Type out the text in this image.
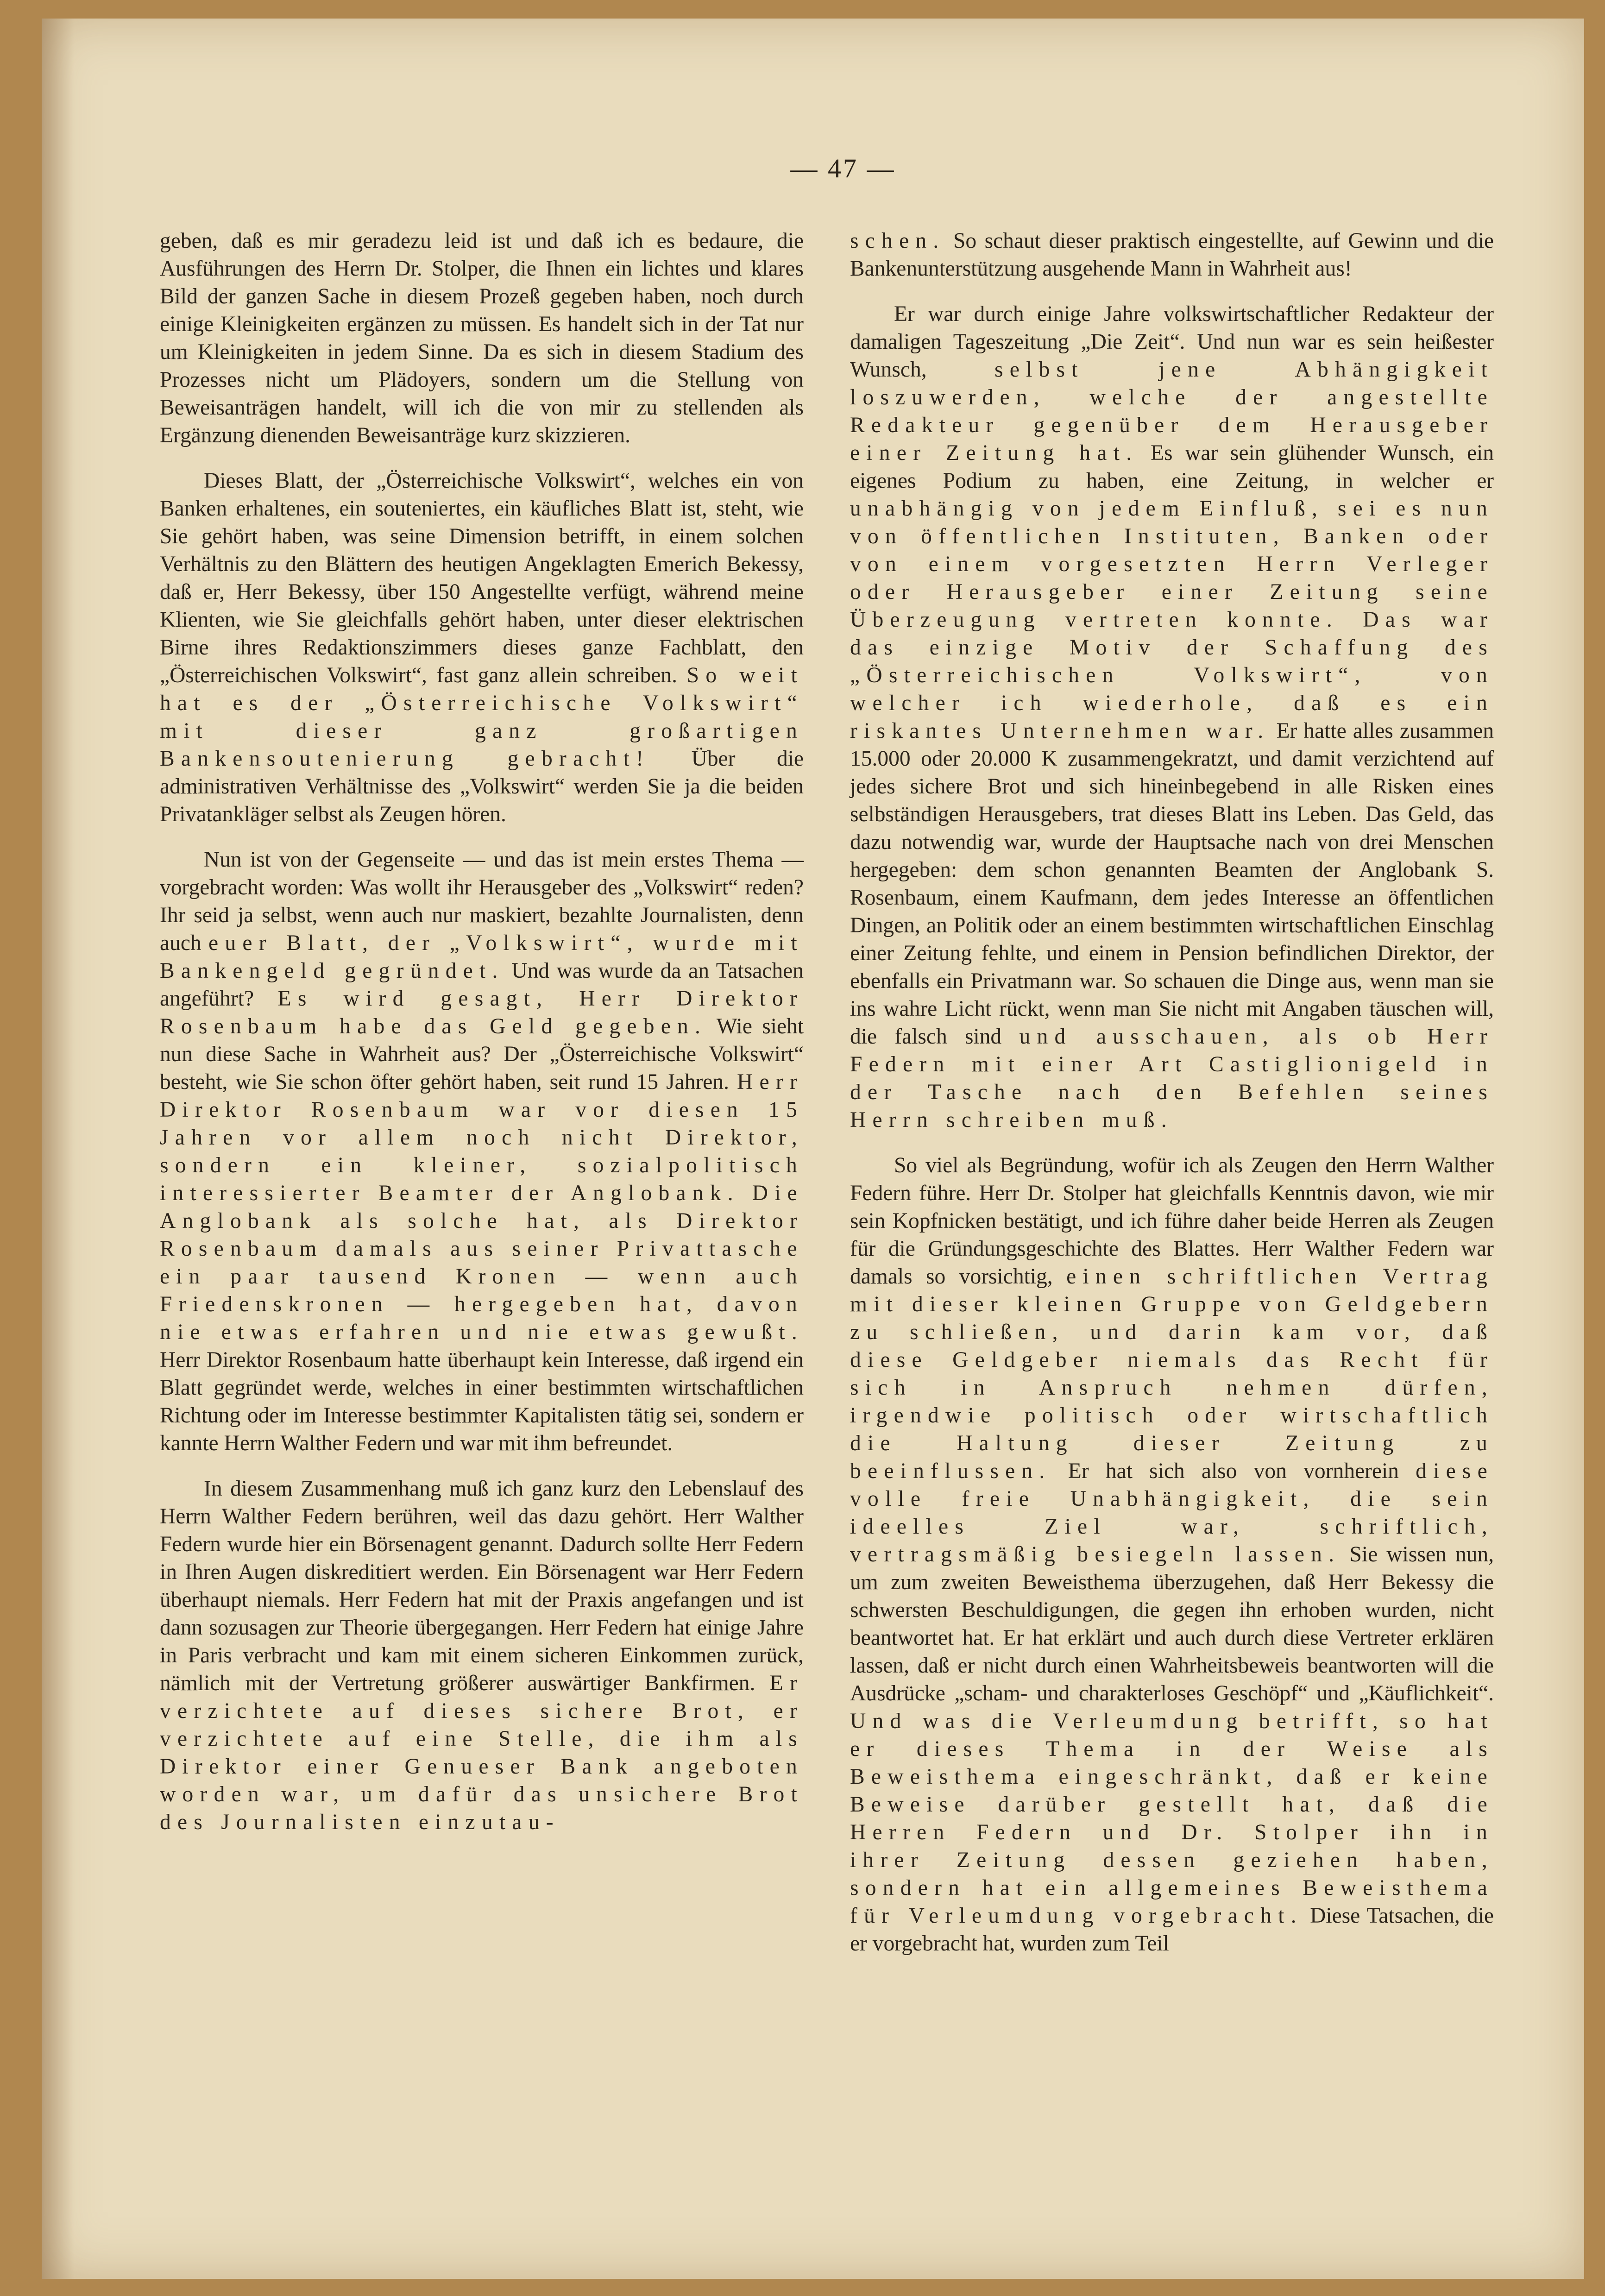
— 47 —

geben, daß es mir geradezu leid ist und daß ich es bedaure, die Ausführungen des Herrn Dr. Stolper, die Ihnen ein lichtes und klares Bild der ganzen Sache in diesem Prozeß gegeben haben, noch durch einige Kleinigkeiten ergänzen zu müssen. Es handelt sich in der Tat nur um Kleinigkeiten in jedem Sinne. Da es sich in diesem Stadium des Prozesses nicht um Plädoyers, sondern um die Stellung von Beweisanträgen handelt, will ich die von mir zu stellenden als Ergänzung dienenden Beweisanträge kurz skizzieren.

Dieses Blatt, der „Österreichische Volkswirt“, welches ein von Banken erhaltenes, ein souteniertes, ein käufliches Blatt ist, steht, wie Sie gehört haben, was seine Dimension betrifft, in einem solchen Verhältnis zu den Blättern des heutigen Angeklagten Emerich Bekessy, daß er, Herr Bekessy, über 150 Angestellte verfügt, während meine Klienten, wie Sie gleichfalls gehört haben, unter dieser elektrischen Birne ihres Redaktionszimmers dieses ganze Fachblatt, den „Österreichischen Volkswirt“, fast ganz allein schreiben. So weit hat es der „Österreichische Volkswirt“ mit dieser ganz großartigen Bankensoutenierung gebracht! Über die administrativen Verhältnisse des „Volkswirt“ werden Sie ja die beiden Privatankläger selbst als Zeugen hören.

Nun ist von der Gegenseite — und das ist mein erstes Thema — vorgebracht worden: Was wollt ihr Herausgeber des „Volkswirt“ reden? Ihr seid ja selbst, wenn auch nur maskiert, bezahlte Journalisten, denn auch euer Blatt, der „Volkswirt“, wurde mit Bankengeld gegründet. Und was wurde da an Tatsachen angeführt? Es wird gesagt, Herr Direktor Rosenbaum habe das Geld gegeben. Wie sieht nun diese Sache in Wahrheit aus? Der „Österreichische Volkswirt“ besteht, wie Sie schon öfter gehört haben, seit rund 15 Jahren. Herr Direktor Rosenbaum war vor diesen 15 Jahren vor allem noch nicht Direktor, sondern ein kleiner, sozialpolitisch interessierter Beamter der Anglobank. Die Anglobank als solche hat, als Direktor Rosenbaum damals aus seiner Privattasche ein paar tausend Kronen — wenn auch Friedenskronen — hergegeben hat, davon nie etwas erfahren und nie etwas gewußt. Herr Direktor Rosenbaum hatte überhaupt kein Interesse, daß irgend ein Blatt gegründet werde, welches in einer bestimmten wirtschaftlichen Richtung oder im Interesse bestimmter Kapitalisten tätig sei, sondern er kannte Herrn Walther Federn und war mit ihm befreundet.

In diesem Zusammenhang muß ich ganz kurz den Lebenslauf des Herrn Walther Federn berühren, weil das dazu gehört. Herr Walther Federn wurde hier ein Börsenagent genannt. Dadurch sollte Herr Federn in Ihren Augen diskreditiert werden. Ein Börsenagent war Herr Federn überhaupt niemals. Herr Federn hat mit der Praxis angefangen und ist dann sozusagen zur Theorie übergegangen. Herr Federn hat einige Jahre in Paris verbracht und kam mit einem sicheren Einkommen zurück, nämlich mit der Vertretung größerer auswärtiger Bankfirmen. Er verzichtete auf dieses sichere Brot, er verzichtete auf eine Stelle, die ihm als Direktor einer Genueser Bank angeboten worden war, um dafür das unsichere Brot des Journalisten einzutau-

schen. So schaut dieser praktisch eingestellte, auf Gewinn und die Bankenunterstützung ausgehende Mann in Wahrheit aus!

Er war durch einige Jahre volkswirtschaftlicher Redakteur der damaligen Tageszeitung „Die Zeit“. Und nun war es sein heißester Wunsch, selbst jene Abhängigkeit loszuwerden, welche der angestellte Redakteur gegenüber dem Herausgeber einer Zeitung hat. Es war sein glühender Wunsch, ein eigenes Podium zu haben, eine Zeitung, in welcher er unabhängig von jedem Einfluß, sei es nun von öffentlichen Instituten, Banken oder von einem vorgesetzten Herrn Verleger oder Herausgeber einer Zeitung seine Überzeugung vertreten konnte. Das war das einzige Motiv der Schaffung des „Österreichischen Volkswirt“, von welcher ich wiederhole, daß es ein riskantes Unternehmen war. Er hatte alles zusammen 15.000 oder 20.000 K zusammengekratzt, und damit verzichtend auf jedes sichere Brot und sich hineinbegebend in alle Risken eines selbständigen Herausgebers, trat dieses Blatt ins Leben. Das Geld, das dazu notwendig war, wurde der Hauptsache nach von drei Menschen hergegeben: dem schon genannten Beamten der Anglobank S. Rosenbaum, einem Kaufmann, dem jedes Interesse an öffentlichen Dingen, an Politik oder an einem bestimmten wirtschaftlichen Einschlag einer Zeitung fehlte, und einem in Pension befindlichen Direktor, der ebenfalls ein Privatmann war. So schauen die Dinge aus, wenn man sie ins wahre Licht rückt, wenn man Sie nicht mit Angaben täuschen will, die falsch sind und ausschauen, als ob Herr Federn mit einer Art Castiglionigeld in der Tasche nach den Befehlen seines Herrn schreiben muß.

So viel als Begründung, wofür ich als Zeugen den Herrn Walther Federn führe. Herr Dr. Stolper hat gleichfalls Kenntnis davon, wie mir sein Kopfnicken bestätigt, und ich führe daher beide Herren als Zeugen für die Gründungsgeschichte des Blattes. Herr Walther Federn war damals so vorsichtig, einen schriftlichen Vertrag mit dieser kleinen Gruppe von Geldgebern zu schließen, und darin kam vor, daß diese Geldgeber niemals das Recht für sich in Anspruch nehmen dürfen, irgendwie politisch oder wirtschaftlich die Haltung dieser Zeitung zu beeinflussen. Er hat sich also von vornherein diese volle freie Unabhängigkeit, die sein ideelles Ziel war, schriftlich, vertragsmäßig besiegeln lassen. Sie wissen nun, um zum zweiten Beweisthema überzugehen, daß Herr Bekessy die schwersten Beschuldigungen, die gegen ihn erhoben wurden, nicht beantwortet hat. Er hat erklärt und auch durch diese Vertreter erklären lassen, daß er nicht durch einen Wahrheitsbeweis beantworten will die Ausdrücke „scham- und charakterloses Geschöpf“ und „Käuflichkeit“. Und was die Verleumdung betrifft, so hat er dieses Thema in der Weise als Beweisthema eingeschränkt, daß er keine Beweise darüber gestellt hat, daß die Herren Federn und Dr. Stolper ihn in ihrer Zeitung dessen geziehen haben, sondern hat ein allgemeines Beweisthema für Verleumdung vorgebracht. Diese Tatsachen, die er vorgebracht hat, wurden zum Teil
